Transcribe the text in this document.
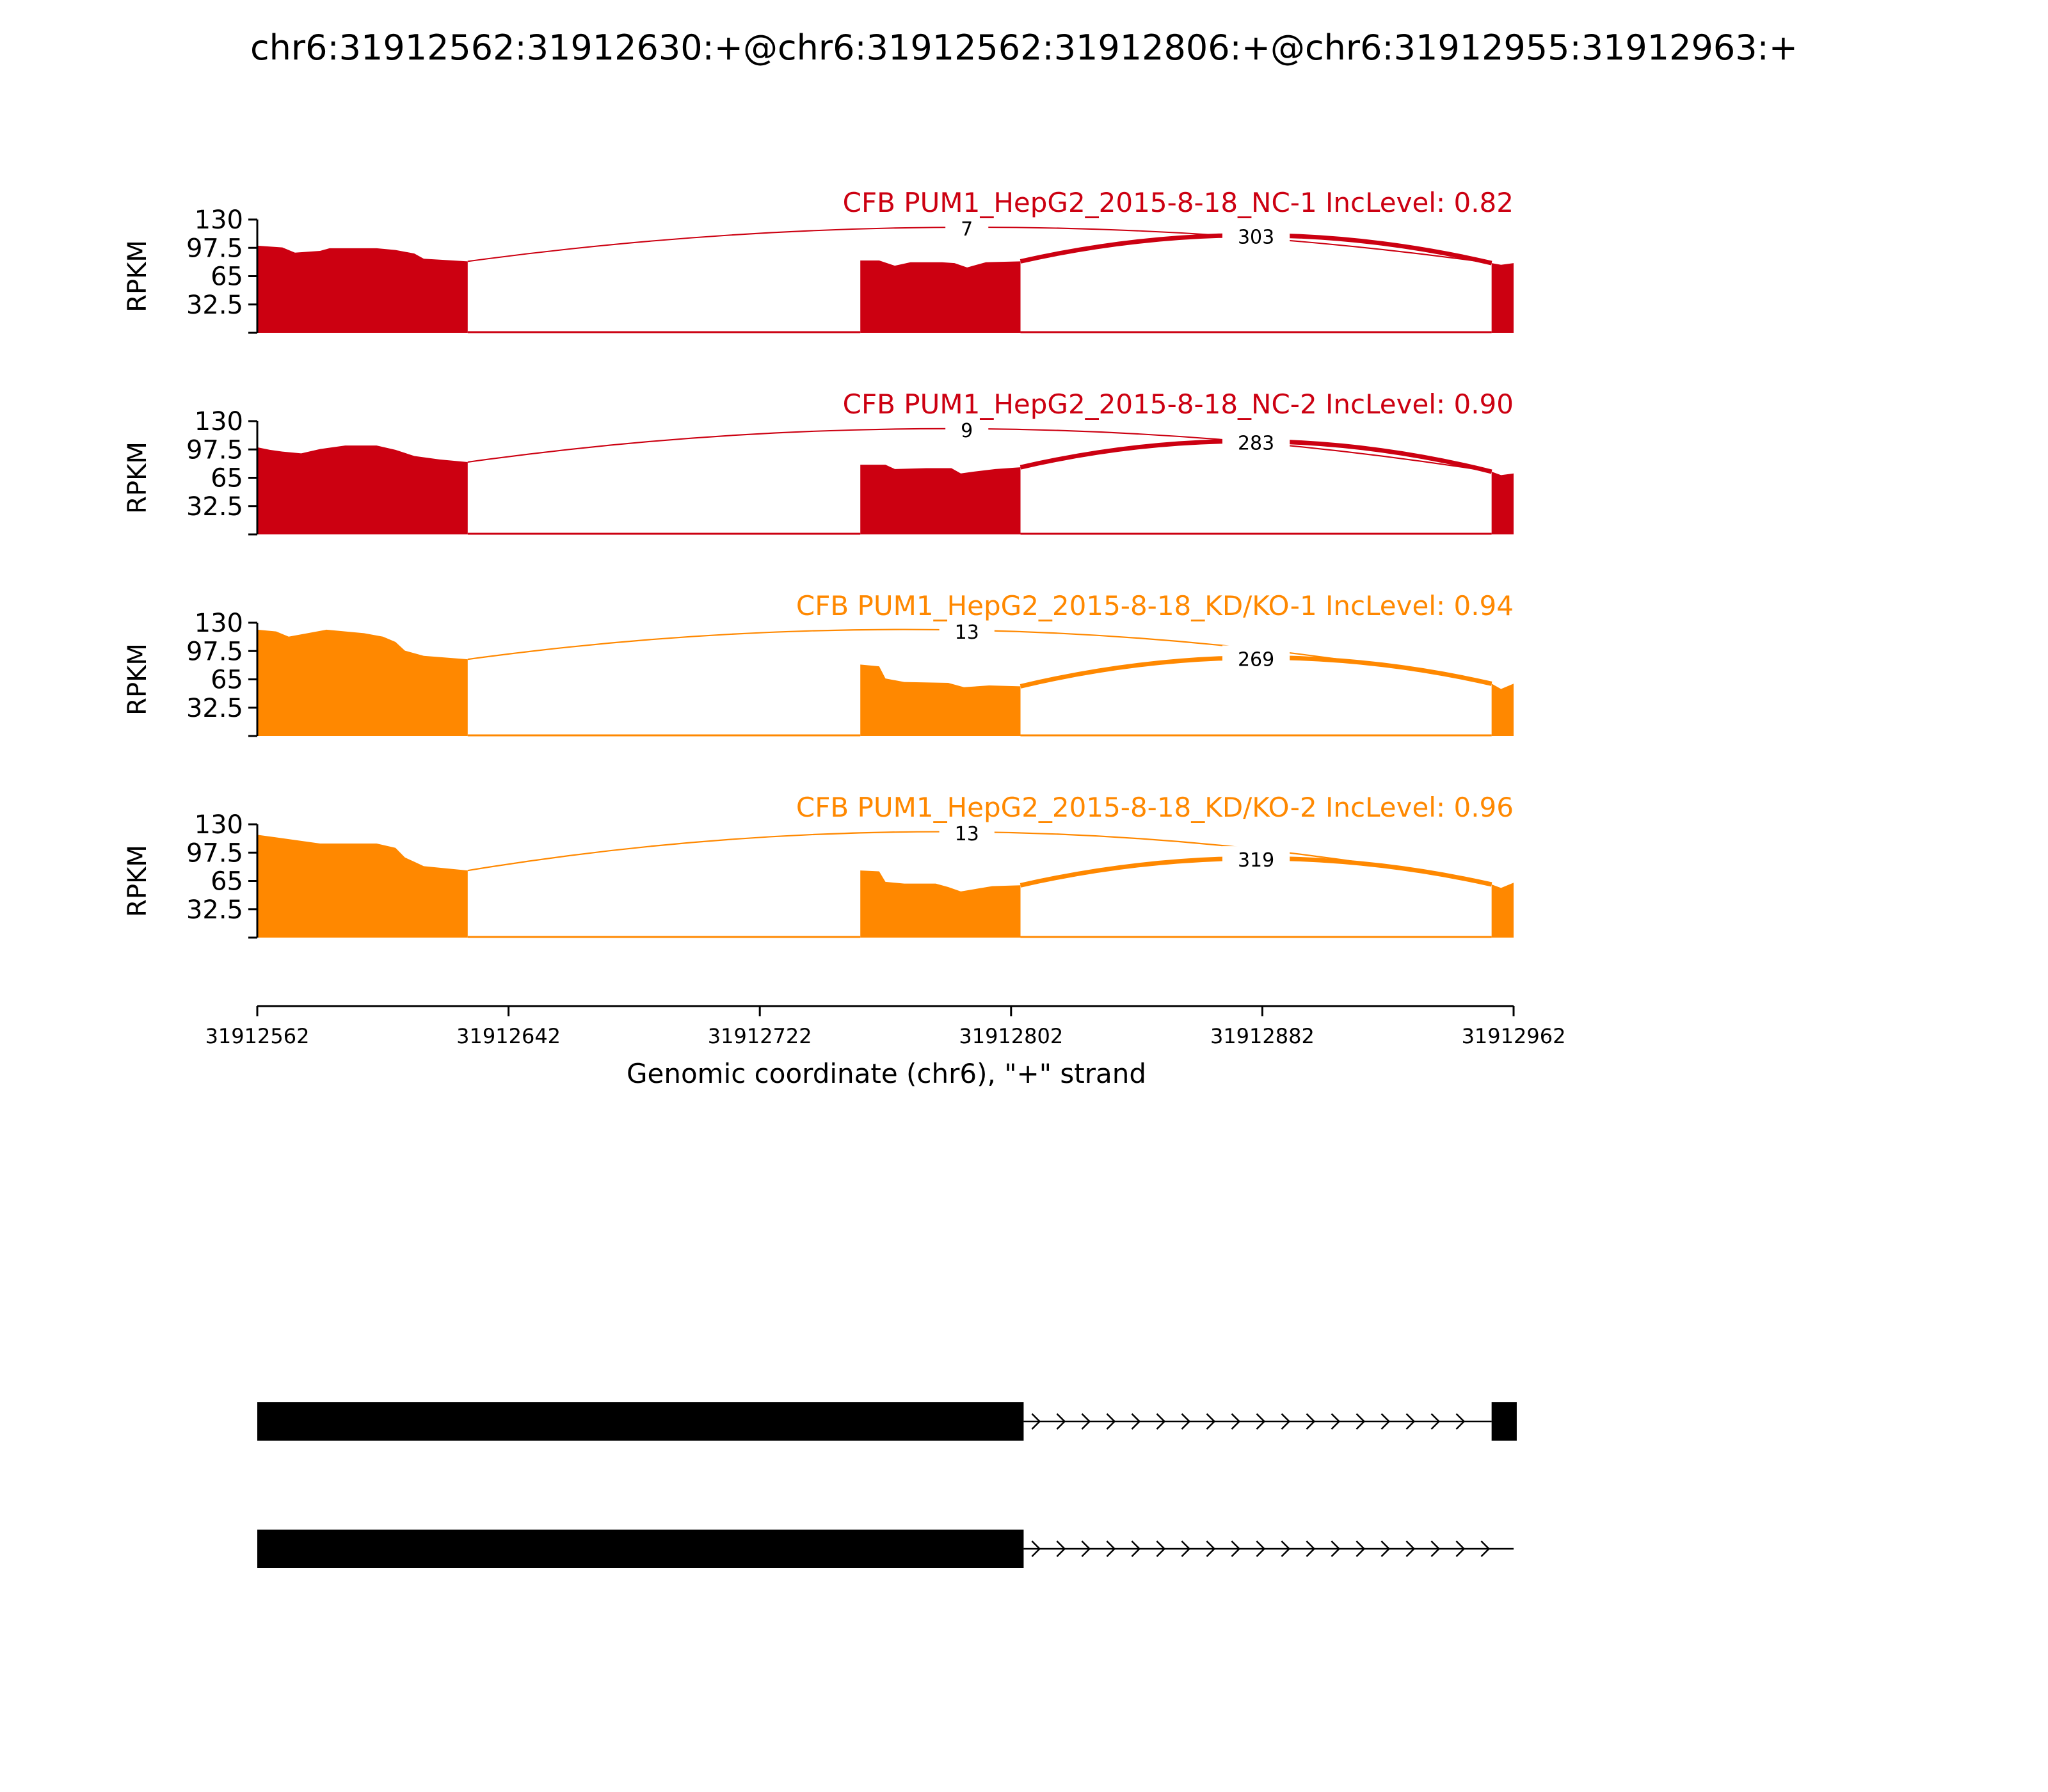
chr6:31912562:31912630:+@chr6:31912562:31912806:+@chr6:31912955:31912963:+
7	303
CFB PUM1_HepG2_2015-8-18_NC-1 IncLevel: 0.82
130
97.5
65
32.5
RPKM
9
283
CFB PUM1_HepG2_2015-8-18_NC-2 IncLevel: 0.90
130
97.5
65
32.5
RPKM
13
269
CFB PUM1_HepG2_2015-8-18_KD/KO-1 IncLevel: 0.94
130
97.5
65
32.5
RPKM
13
319
CFB PUM1_HepG2_2015-8-18_KD/KO-2 IncLevel: 0.96
130
97.5
65
32.5
RPKM
31912562	31912642	31912722	31912802	31912882	31912962
Genomic coordinate (chr6), "+" strand
